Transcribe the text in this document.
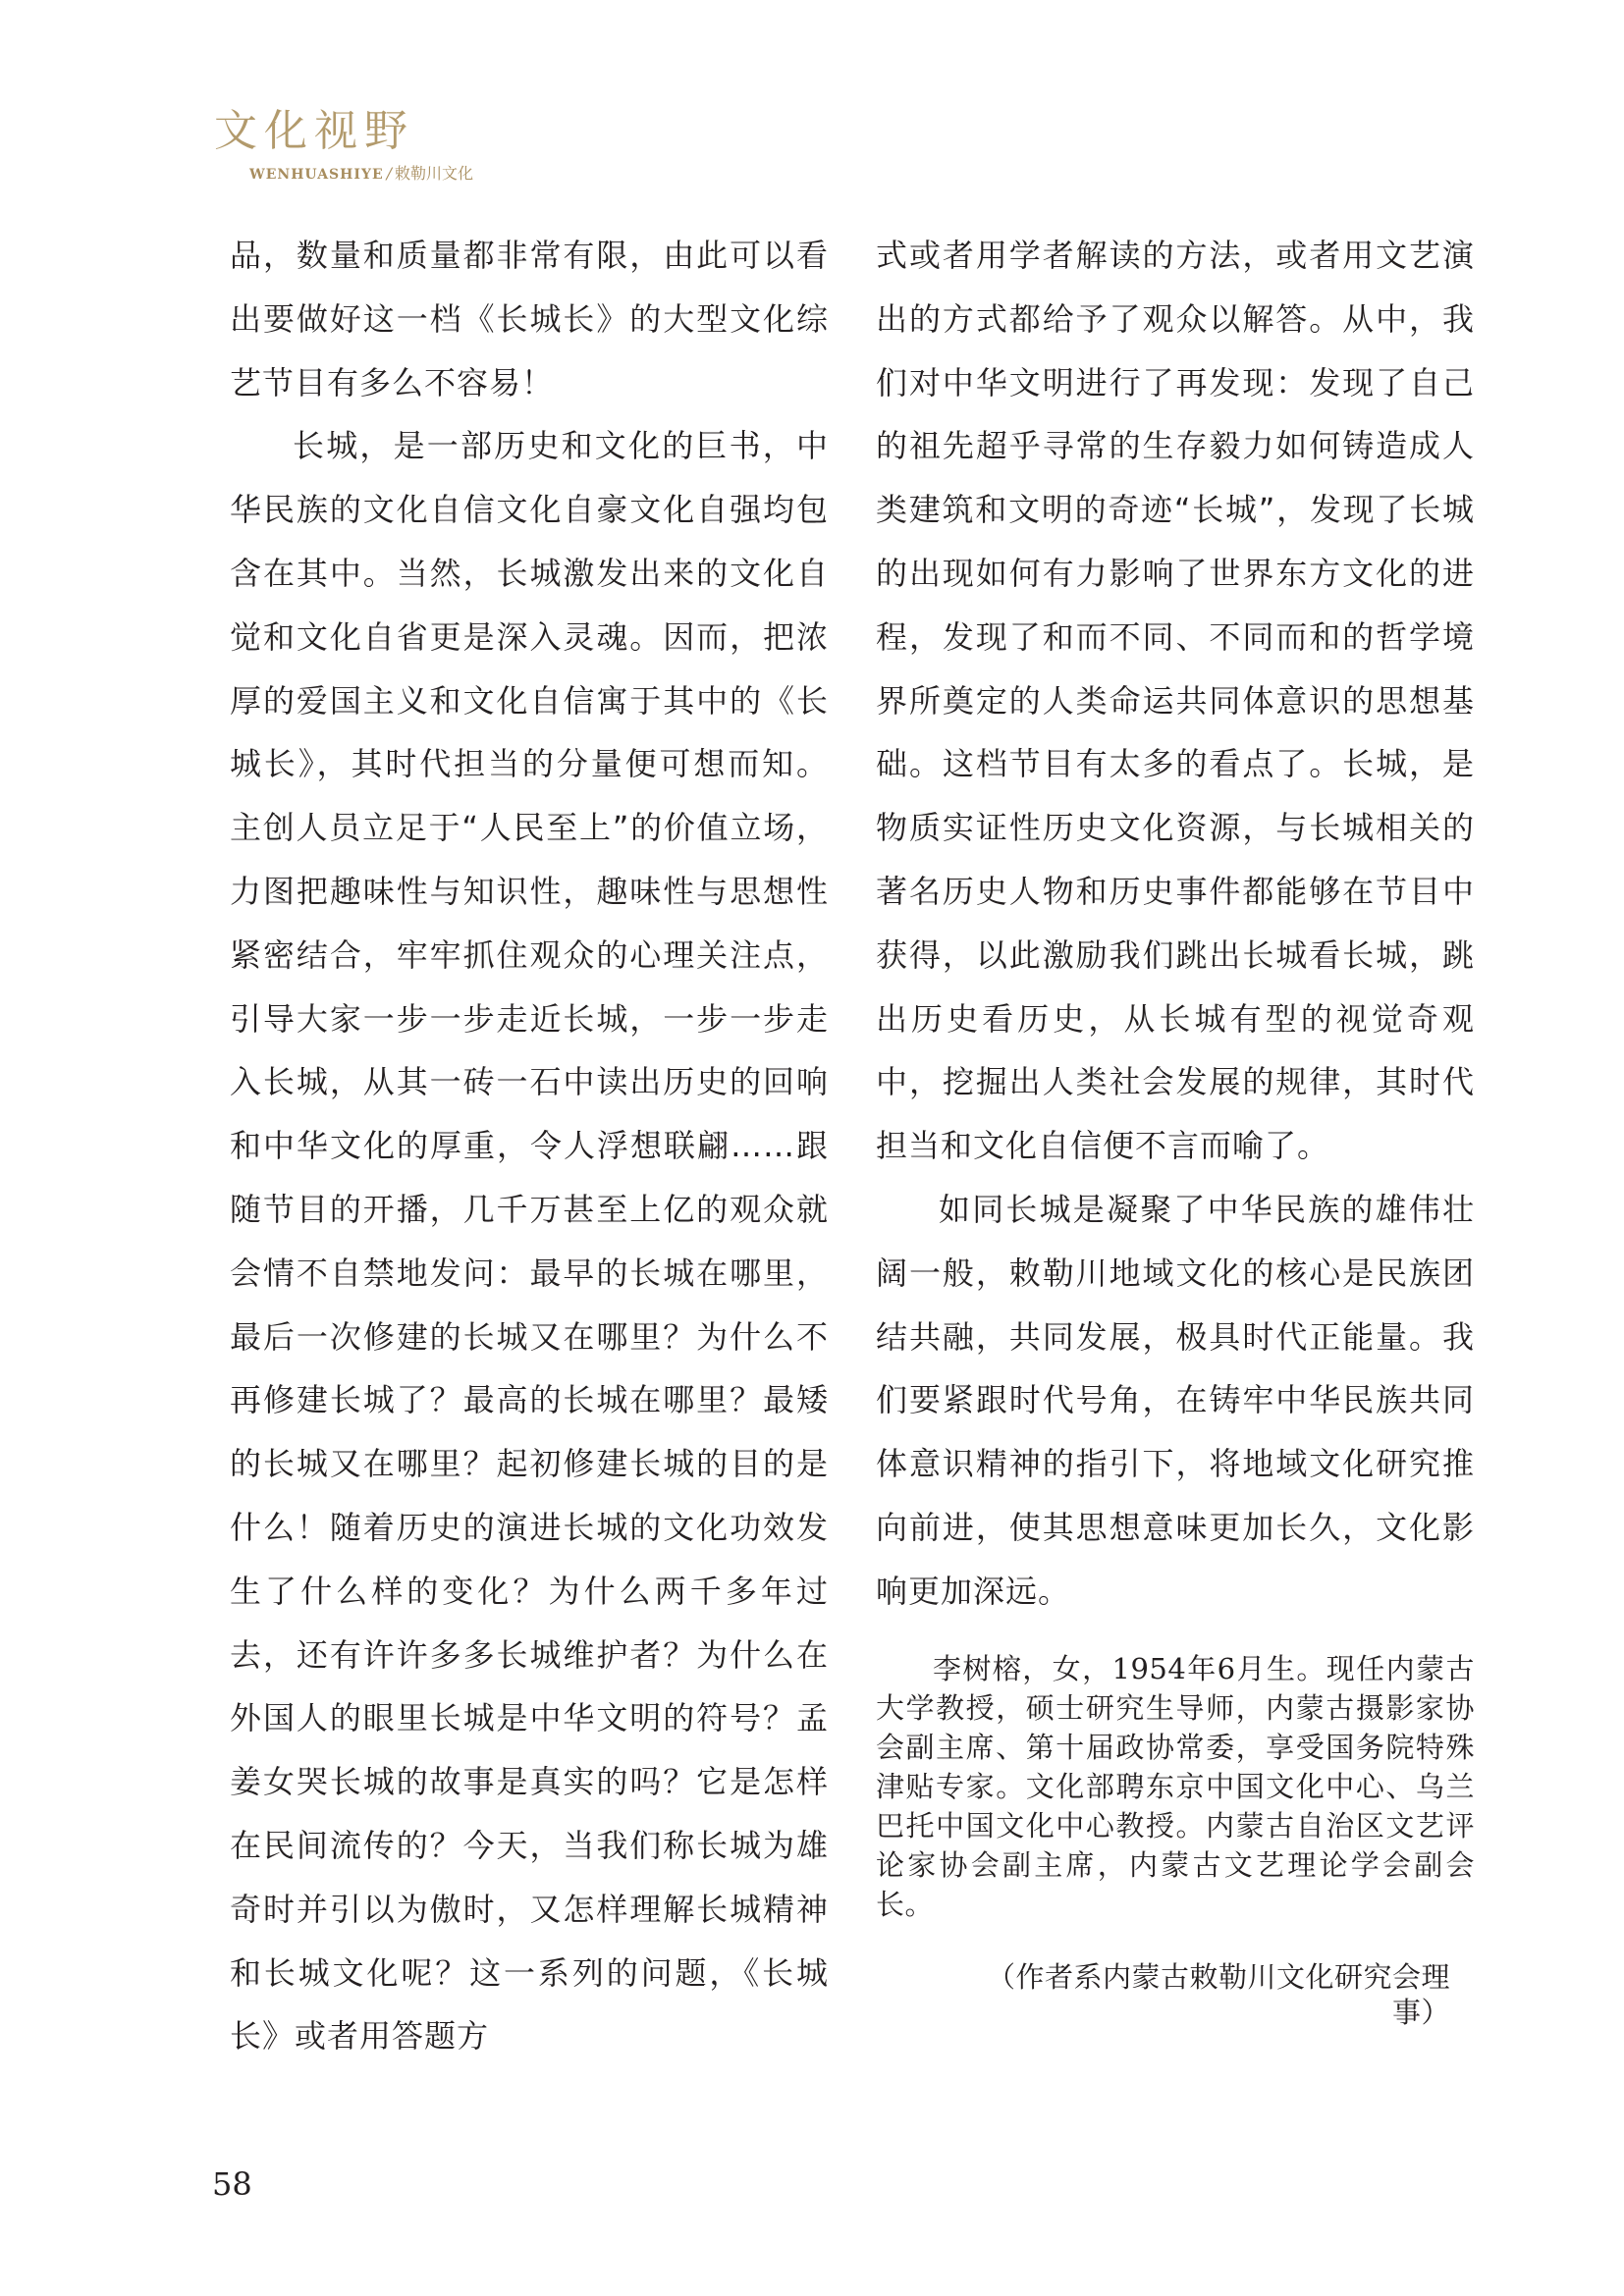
文化视野
WENHUASHIYE / 敕勒川文化

品，数量和质量都非常有限，由此可以看出要做好这一档《长城长》的大型文化综艺节目有多么不容易！

长城，是一部历史和文化的巨书，中华民族的文化自信文化自豪文化自强均包含在其中。当然，长城激发出来的文化自觉和文化自省更是深入灵魂。因而，把浓厚的爱国主义和文化自信寓于其中的《长城长》，其时代担当的分量便可想而知。主创人员立足于“人民至上”的价值立场，力图把趣味性与知识性，趣味性与思想性紧密结合，牢牢抓住观众的心理关注点，引导大家一步一步走近长城，一步一步走入长城，从其一砖一石中读出历史的回响和中华文化的厚重，令人浮想联翩……跟随节目的开播，几千万甚至上亿的观众就会情不自禁地发问：最早的长城在哪里，最后一次修建的长城又在哪里？为什么不再修建长城了？最高的长城在哪里？最矮的长城又在哪里？起初修建长城的目的是什么！随着历史的演进长城的文化功效发生了什么样的变化？为什么两千多年过去，还有许许多多长城维护者？为什么在外国人的眼里长城是中华文明的符号？孟姜女哭长城的故事是真实的吗？它是怎样在民间流传的？今天，当我们称长城为雄奇时并引以为傲时，又怎样理解长城精神和长城文化呢？这一系列的问题，《长城长》或者用答题方

式或者用学者解读的方法，或者用文艺演出的方式都给予了观众以解答。从中，我们对中华文明进行了再发现：发现了自己的祖先超乎寻常的生存毅力如何铸造成人类建筑和文明的奇迹“长城”，发现了长城的出现如何有力影响了世界东方文化的进程，发现了和而不同、不同而和的哲学境界所奠定的人类命运共同体意识的思想基础。这档节目有太多的看点了。长城，是物质实证性历史文化资源，与长城相关的著名历史人物和历史事件都能够在节目中获得，以此激励我们跳出长城看长城，跳出历史看历史，从长城有型的视觉奇观中，挖掘出人类社会发展的规律，其时代担当和文化自信便不言而喻了。

如同长城是凝聚了中华民族的雄伟壮阔一般，敕勒川地域文化的核心是民族团结共融，共同发展，极具时代正能量。我们要紧跟时代号角，在铸牢中华民族共同体意识精神的指引下，将地域文化研究推向前进，使其思想意味更加长久，文化影响更加深远。

李树榕，女，1954年6月生。现任内蒙古大学教授，硕士研究生导师，内蒙古摄影家协会副主席、第十届政协常委，享受国务院特殊津贴专家。文化部聘东京中国文化中心、乌兰巴托中国文化中心教授。内蒙古自治区文艺评论家协会副主席，内蒙古文艺理论学会副会长。

（作者系内蒙古敕勒川文化研究会理事）

58
